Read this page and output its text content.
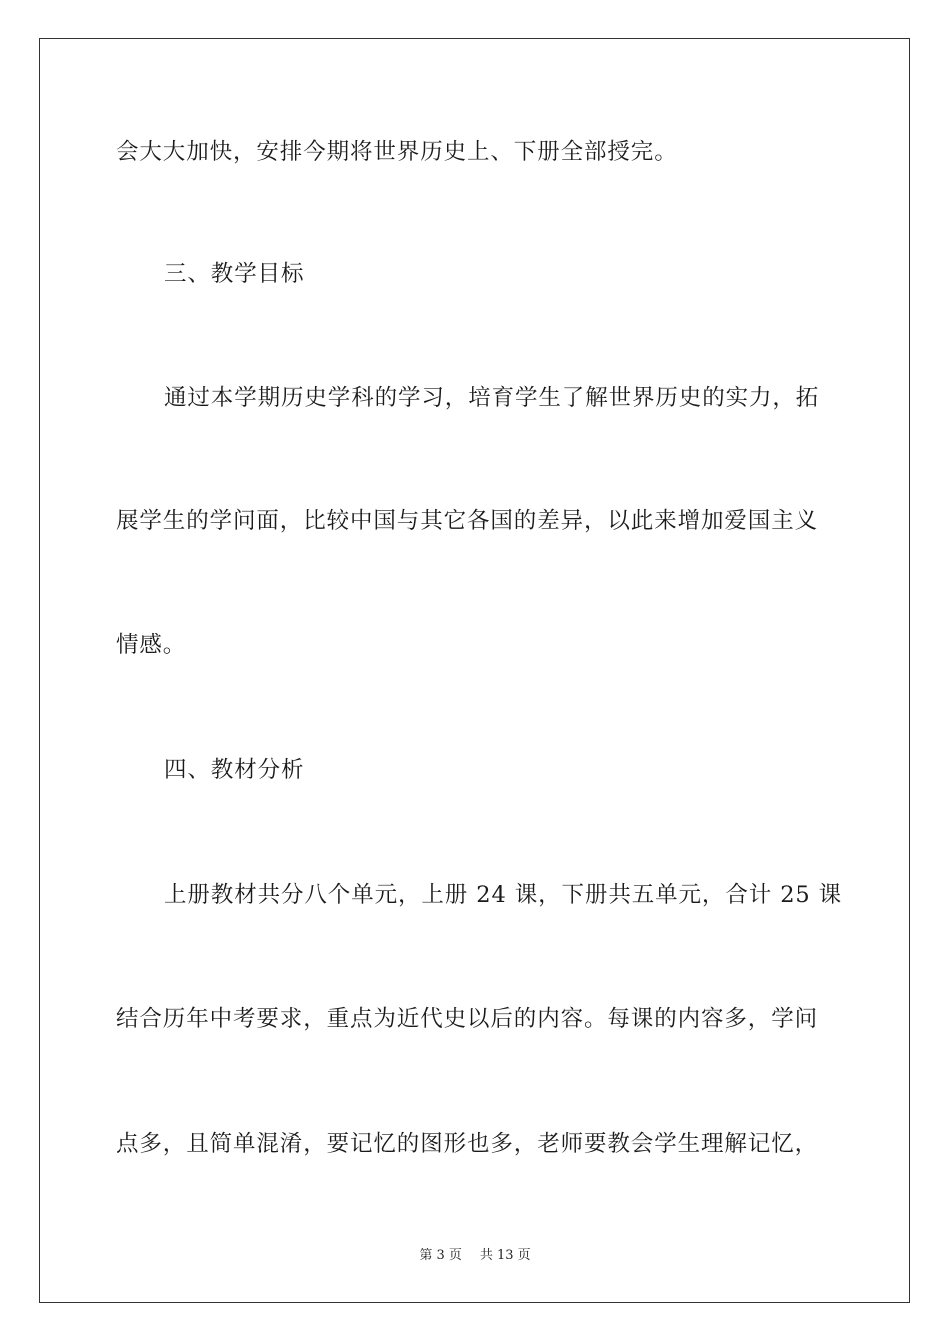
会大大加快，安排今期将世界历史上、下册全部授完。
三、教学目标
通过本学期历史学科的学习，培育学生了解世界历史的实力，拓
展学生的学问面，比较中国与其它各国的差异，以此来增加爱国主义
情感。
四、教材分析
上册教材共分八个单元，上册 24 课，下册共五单元，合计 25 课
结合历年中考要求，重点为近代史以后的内容。每课的内容多，学问
点多，且简单混淆，要记忆的图形也多，老师要教会学生理解记忆，
第 3 页 共 13 页
